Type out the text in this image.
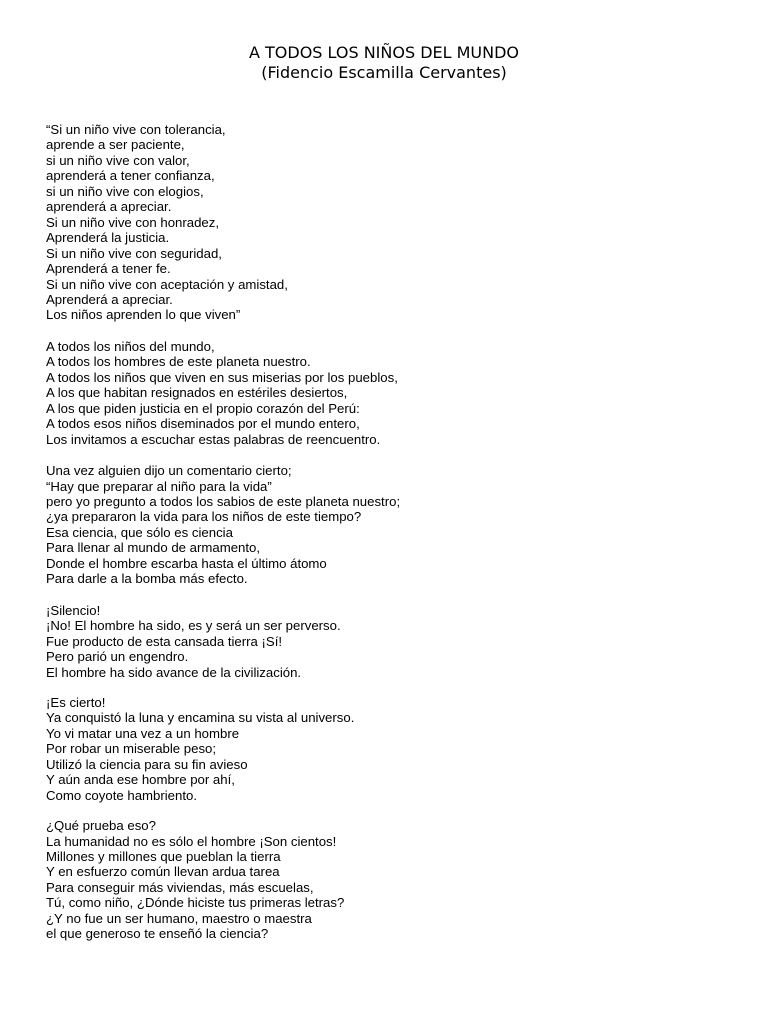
A TODOS LOS NIÑOS DEL MUNDO
(Fidencio Escamilla Cervantes)
“Si un niño vive con tolerancia,
aprende a ser paciente,
si un niño vive con valor,
aprenderá a tener confianza,
si un niño vive con elogios,
aprenderá a apreciar.
Si un niño vive con honradez,
Aprenderá la justicia.
Si un niño vive con seguridad,
Aprenderá a tener fe.
Si un niño vive con aceptación y amistad,
Aprenderá a apreciar.
Los niños aprenden lo que viven”
A todos los niños del mundo,
A todos los hombres de este planeta nuestro.
A todos los niños que viven en sus miserias por los pueblos,
A los que habitan resignados en estériles desiertos,
A los que piden justicia en el propio corazón del Perú:
A todos esos niños diseminados por el mundo entero,
Los invitamos a escuchar estas palabras de reencuentro.
Una vez alguien dijo un comentario cierto;
“Hay que preparar al niño para la vida”
pero yo pregunto a todos los sabios de este planeta nuestro;
¿ya prepararon la vida para los niños de este tiempo?
Esa ciencia, que sólo es ciencia
Para llenar al mundo de armamento,
Donde el hombre escarba hasta el último átomo
Para darle a la bomba más efecto.
¡Silencio!
¡No! El hombre ha sido, es y será un ser perverso.
Fue producto de esta cansada tierra ¡Sí!
Pero parió un engendro.
El hombre ha sido avance de la civilización.
¡Es cierto!
Ya conquistó la luna y encamina su vista al universo.
Yo vi matar una vez a un hombre
Por robar un miserable peso;
Utilizó la ciencia para su fin avieso
Y aún anda ese hombre por ahí,
Como coyote hambriento.
¿Qué prueba eso?
La humanidad no es sólo el hombre ¡Son cientos!
Millones y millones que pueblan la tierra
Y en esfuerzo común llevan ardua tarea
Para conseguir más viviendas, más escuelas,
Tú, como niño, ¿Dónde hiciste tus primeras letras?
¿Y no fue un ser humano, maestro o maestra
el que generoso te enseñó la ciencia?
